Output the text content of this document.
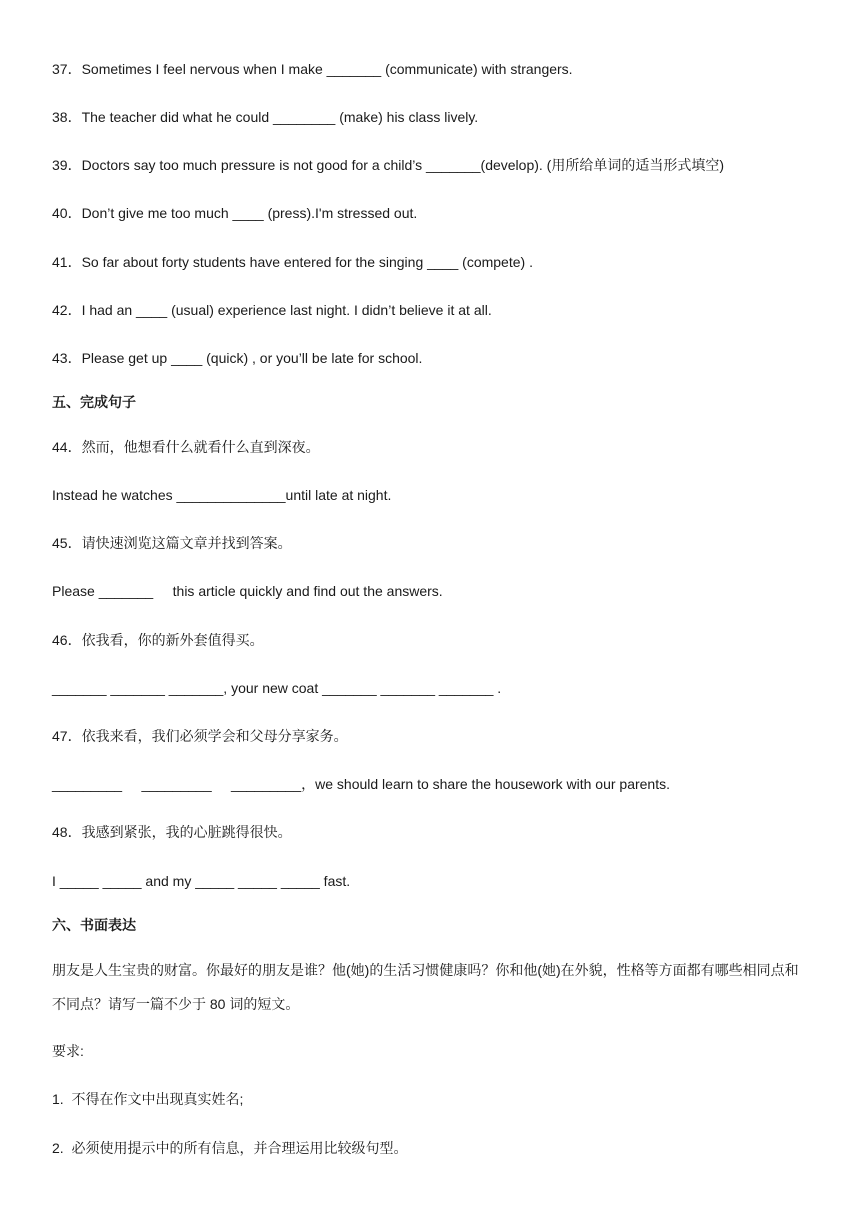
37．Sometimes I feel nervous when I make _______ (communicate) with strangers.
38．The teacher did what he could ________ (make) his class lively.
39．Doctors say too much pressure is not good for a child’s _______(develop). (用所给单词的适当形式填空)
40．Don’t give me too much ____ (press).I'm stressed out.
41．So far about forty students have entered for the singing ____ (compete) .
42．I had an ____ (usual) experience last night. I didn’t believe it at all.
43．Please get up ____ (quick) , or you’ll be late for school.
五、完成句子
44．然而，他想看什么就看什么直到深夜。
Instead he watches ______________until late at night.
45．请快速浏览这篇文章并找到答案。
Please _______     this article quickly and find out the answers.
46．依我看，你的新外套值得买。
_______ _______ _______, your new coat _______ _______ _______ .
47．依我来看，我们必须学会和父母分享家务。
_________     _________     _________，we should learn to share the housework with our parents.
48．我感到紧张，我的心脏跳得很快。
I _____ _____ and my _____ _____ _____ fast.
六、书面表达
朋友是人生宝贵的财富。你最好的朋友是谁？他(她)的生活习惯健康吗？你和他(她)在外貌，性格等方面都有哪些相同点和不同点？请写一篇不少于 80 词的短文。
要求:
1.  不得在作文中出现真实姓名;
2.  必须使用提示中的所有信息，并合理运用比较级句型。
